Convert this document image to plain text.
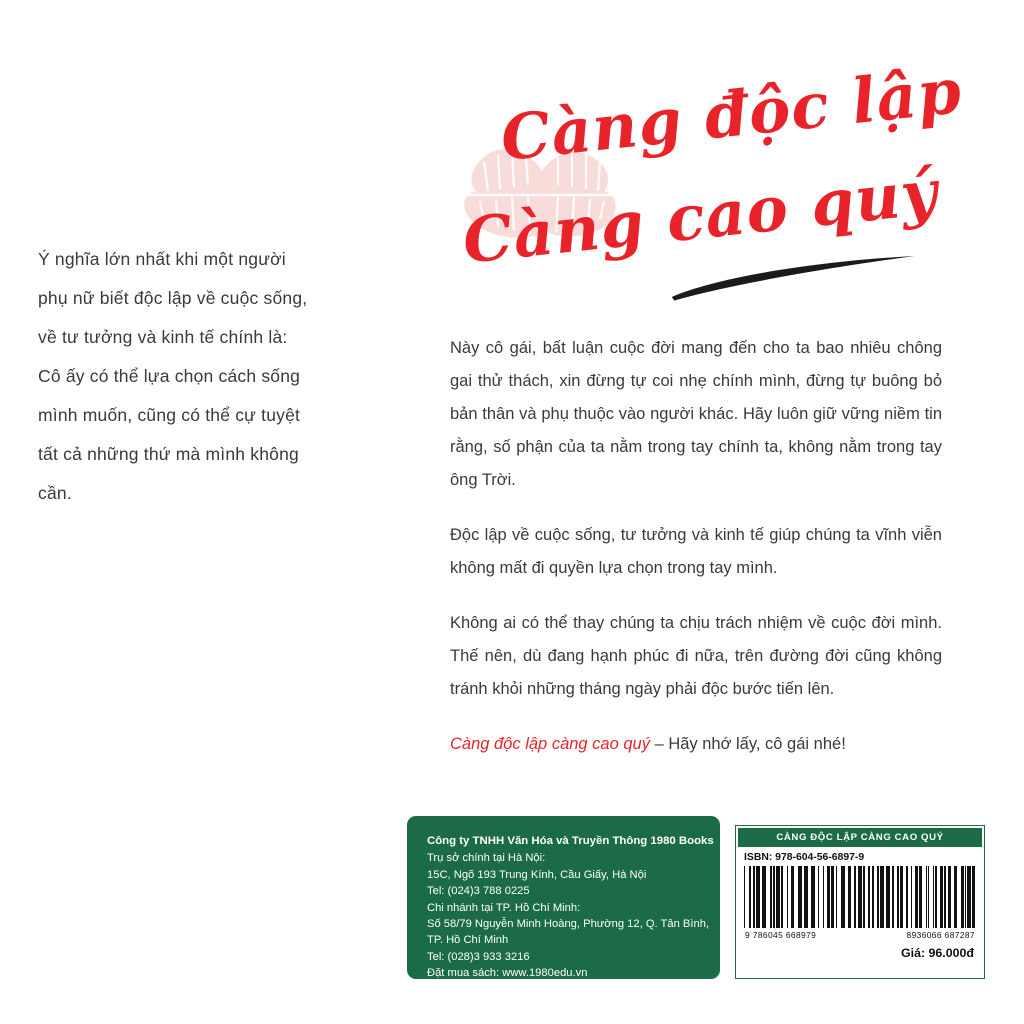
Ý nghĩa lớn nhất khi một người phụ nữ biết độc lập về cuộc sống, về tư tưởng và kinh tế chính là: Cô ấy có thể lựa chọn cách sống mình muốn, cũng có thể cự tuyệt tất cả những thứ mà mình không cần.
Càng độc lập
Càng cao quý

Này cô gái, bất luận cuộc đời mang đến cho ta bao nhiêu chông gai thử thách, xin đừng tự coi nhẹ chính mình, đừng tự buông bỏ bản thân và phụ thuộc vào người khác. Hãy luôn giữ vững niềm tin rằng, số phận của ta nằm trong tay chính ta, không nằm trong tay ông Trời.

Độc lập về cuộc sống, tư tưởng và kinh tế giúp chúng ta vĩnh viễn không mất đi quyền lựa chọn trong tay mình.

Không ai có thể thay chúng ta chịu trách nhiệm về cuộc đời mình. Thế nên, dù đang hạnh phúc đi nữa, trên đường đời cũng không tránh khỏi những tháng ngày phải độc bước tiến lên.

Càng độc lập càng cao quý – Hãy nhớ lấy, cô gái nhé!

Công ty TNHH Văn Hóa và Truyền Thông 1980 Books
Trụ sở chính tại Hà Nội:
15C, Ngõ 193 Trung Kính, Cầu Giấy, Hà Nội
Tel: (024)3 788 0225
Chi nhánh tại TP. Hồ Chí Minh:
Số 58/79 Nguyễn Minh Hoàng, Phường 12, Q. Tân Bình,
TP. Hồ Chí Minh
Tel: (028)3 933 3216
Đặt mua sách: www.1980edu.vn
CÀNG ĐỘC LẬP CÀNG CAO QUÝ
ISBN: 978-604-56-6897-9
9 786045 668979	8936066 687287
Giá: 96.000đ
